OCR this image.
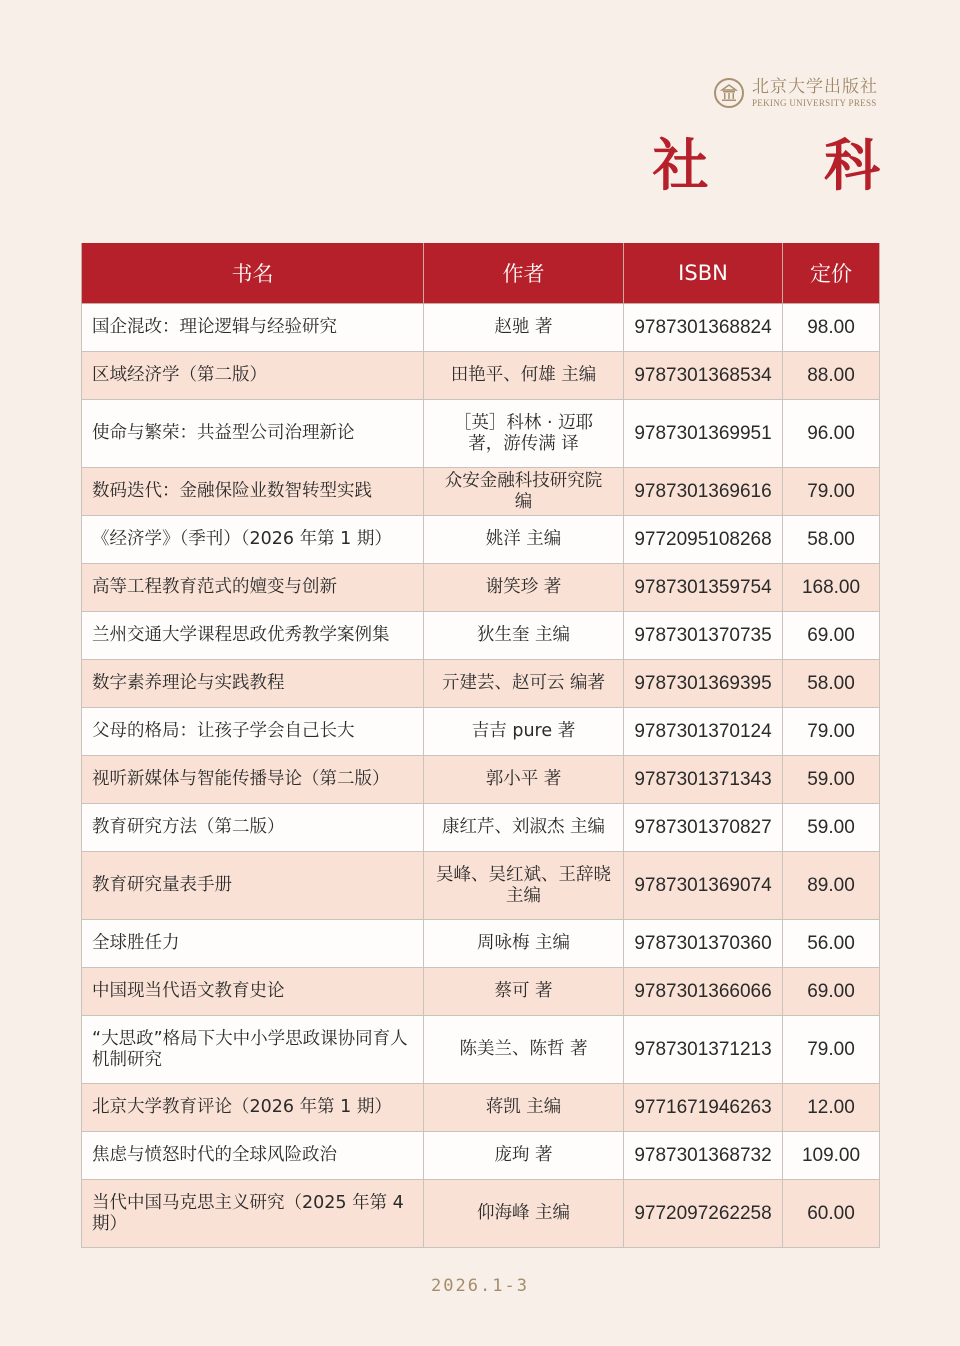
北京大学出版社
PEKING UNIVERSITY PRESS
社 科
书名	作者	ISBN	定价
国企混改：理论逻辑与经验研究	赵驰 著	9787301368824	98.00
区域经济学（第二版）	田艳平、何雄 主编	9787301368534	88.00
使命与繁荣：共益型公司治理新论	［英］科林 · 迈耶 著，游传满 译	9787301369951	96.00
数码迭代：金融保险业数智转型实践	众安金融科技研究院 编	9787301369616	79.00
《经济学》（季刊）（2026 年第 1 期）	姚洋 主编	9772095108268	58.00
高等工程教育范式的嬗变与创新	谢笑珍 著	9787301359754	168.00
兰州交通大学课程思政优秀教学案例集	狄生奎 主编	9787301370735	69.00
数字素养理论与实践教程	亓建芸、赵可云 编著	9787301369395	58.00
父母的格局：让孩子学会自己长大	吉吉 pure 著	9787301370124	79.00
视听新媒体与智能传播导论（第二版）	郭小平 著	9787301371343	59.00
教育研究方法（第二版）	康红芹、刘淑杰 主编	9787301370827	59.00
教育研究量表手册	吴峰、吴红斌、王辞晓 主编	9787301369074	89.00
全球胜任力	周咏梅 主编	9787301370360	56.00
中国现当代语文教育史论	蔡可 著	9787301366066	69.00
“大思政”格局下大中小学思政课协同育人机制研究	陈美兰、陈哲 著	9787301371213	79.00
北京大学教育评论（2026 年第 1 期）	蒋凯 主编	9771671946263	12.00
焦虑与愤怒时代的全球风险政治	庞珣 著	9787301368732	109.00
当代中国马克思主义研究（2025 年第 4 期）	仰海峰 主编	9772097262258	60.00
2026.1-3
